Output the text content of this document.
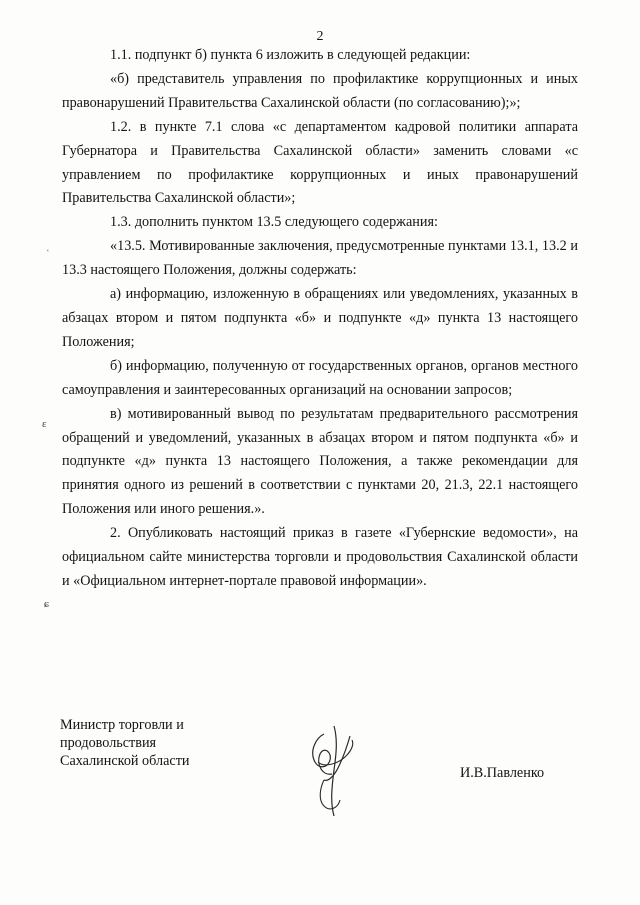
2

1.1. подпункт б) пункта 6 изложить в следующей редакции:

«б) представитель управления по профилактике коррупционных и иных правонарушений Правительства Сахалинской области (по согласованию);»;

1.2. в пункте 7.1 слова «с департаментом кадровой политики аппарата Губернатора и Правительства Сахалинской области» заменить словами «с управлением по профилактике коррупционных и иных правонарушений Правительства Сахалинской области»;

1.3. дополнить пунктом 13.5 следующего содержания:

«13.5. Мотивированные заключения, предусмотренные пунктами 13.1, 13.2 и 13.3 настоящего Положения, должны содержать:

а) информацию, изложенную в обращениях или уведомлениях, указанных в абзацах втором и пятом подпункта «б» и подпункте «д» пункта 13 настоящего Положения;

б) информацию, полученную от государственных органов, органов местного самоуправления и заинтересованных организаций на основании запросов;

в) мотивированный вывод по результатам предварительного рассмотрения обращений и уведомлений, указанных в абзацах втором и пятом подпункта «б» и подпункте «д» пункта 13 настоящего Положения, а также рекомендации для принятия одного из решений в соответствии с пунктами 20, 21.3, 22.1 настоящего Положения или иного решения.».

2. Опубликовать настоящий приказ в газете «Губернские ведомости», на официальном сайте министерства торговли и продовольствия Сахалинской области и «Официальном интернет-портале правовой информации».

Министр торговли и
продовольствия
Сахалинской области
И.В.Павленко
ʿ
ɛ
ɕ
